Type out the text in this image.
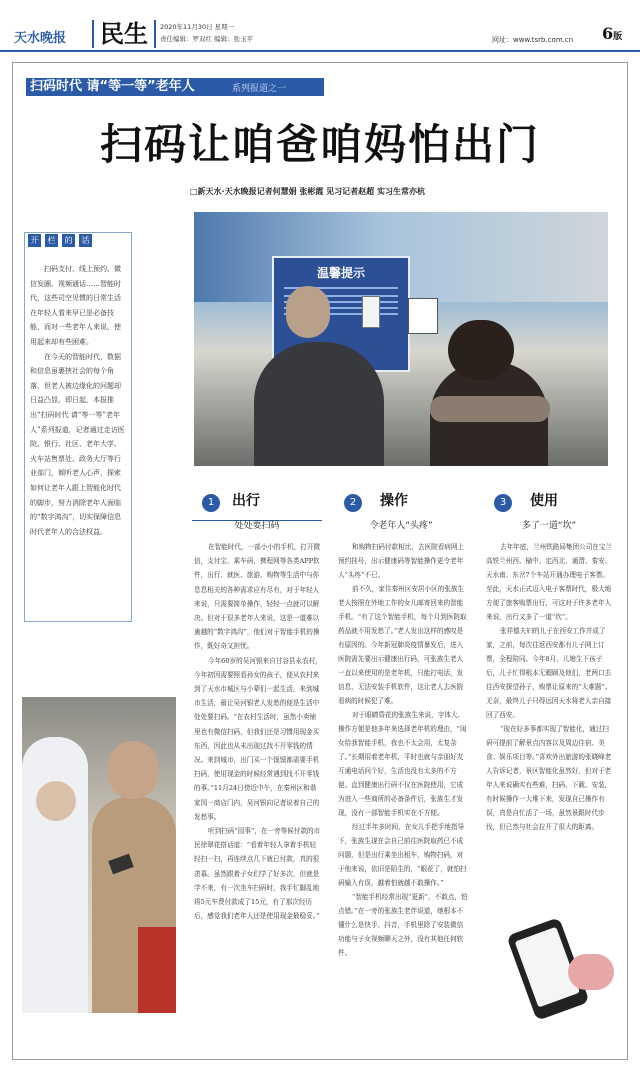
天水晚报	民生	2020年11月30日 星期一
责任编辑：罗双红 编辑：张玉平	网址：www.tsrb.com.cn 6版
扫码时代 请“等一等”老年人	系列报道之一
扫码让咱爸咱妈怕出门
□新天水·天水晚报记者何慧娟 张彬霞 见习记者赵超 实习生常亦杭
温馨提示
开 栏 的 话

扫码支付、线上预约、微信发圈、视频通话……智能时代，这些司空见惯的日常生活在年轻人看来早已是必备技能，而对一些老年人来说，使用起来却有些困难。

在今天的智能时代，数据和信息虽裹挟社会的每个角落，但老人被边缘化的问题却日益凸显。即日起，本报推出“扫码时代 请“等一等”老年人”系列报道，记者通过走访医院、银行、社区、老年大学、火车站售票处、政务大厅等行业部门，倾听老人心声，探索如何让老年人跟上智能化时代的脚步，努力消除老年人面临的“数字鸿沟”，切实保障信息时代老年人的合法权益。

1	出行
处处要扫码

在智能时代，一部小小的手机，打开微信，支付宝、乘车码，携程网等各类APP软件，出行、就医、旅游、购物等生活中与你息息相关的各种需求应有尽有，对于年轻人来说，只需要简单操作，轻轻一点就可以解决。但对于很多老年人来说，这是一道难以逾越的“数字鸿沟”，他们对于智能手机的操作，既好奇又担忧。

今年60岁的吴河银来自甘谷县永农村，今年初因需要照看孙女的孩子，便从农村来到了天水市城区与小辈们一起生活，来到城市生活，最让吴河银老人发愁的便是生活中处处要扫码。“在农村生活时，虽然小卖铺里也有微信扫码，但我们还是习惯用现金买东西，因此也从未出现过找不开零钱的情况。来到城市，出门买一个馍馍都需要手机扫码，使用现金的时候经常遇到找不开零钱的事。”11月24日傍近中午，在秦州区和谐家园一商店门内，吴河银向记者说着自己的发愁事。

听到扫码“囧事”，在一旁等候付款的市民徐翠花搭话道：“看着年轻人拿着手机轻轻扫一扫，再连续点几下就已付款，真的很羡慕。虽然跟着子女们学了好多次，但就是学不来，有一次坐车扫码时，我手忙脚乱地将5元车费付款成了15元，有了那次经历后，感觉我们老年人还是使用现金最稳妥。”

2	操作
令老年人“头疼”

和购物扫码付款相比，去医院看病网上预约挂号，出示健康码等智能操作更令老年人“头疼”不已。

前不久，家住秦州区安居小区的张族生老人按照在外地工作的女儿邮寄回来的智能手机。“有了这个智能手机，每个月到医院取药品就不用发愁了。”老人发出这样的感叹是有原因的。今年新冠肺炎疫情暴发后，进入医院需先要出示健康出行码，可张族生老人一直以来使用的是老年机，只能打电话，发信息，无法安装手机软件，这让老人去医院看病的时候犯了难。

对于眼睛昏花的张族生来说，字体大、操作方便是他多年来选择老年机的理由，“闺女给我智能手机，我也不太会用，太复杂了。”长期用着老年机，平时也就与亲朋好友互通电话问个好，生活也没有太多的不方便。直到健康出行码不仅在医院使用，它成为进入一些商所的必备条件后，张族生才发现，没有一部智能手机实在不方便。

经过半年多时间，在女儿手把手地指导下，张族生现在会自己前往医院取药已不成问题，但是出行乘坐出租车，购物扫码，对于他来说，依旧是陌生的，“眼花了，就怕扫码输入有误，越着怕就越不敢操作。”

“智能手机经常出现“更新”，不敢点，怕点错。”在一旁的张族生老伴说道，她根本不懂什么是快手、抖音，手机里除了安装微信功能与子女视频聊天之外，没有其他任何软件。

3	使用
多了一道“坎”

去年年底，兰州铁路局集团公司在宝兰高铁兰州西、榆中、定西北、通渭、秦安、天水南、东岔7个车站开通办理电子客票。至此，天水正式迈入电子客票时代，极大地方便了旅客购票出行，可这对于许多老年人来说，出行又多了一道“坎”。

张祥德夫妇的儿子在西安工作并成了家，之前，每次往返西安都有儿子网上订票，全程陪同。今年8月，儿媳生下孩子后，儿子忙得根本无暇顾及他们，老两口去往西安探望孙子，购票让原来的“大难题”。无奈，最终儿子只得远因天水将老人亲自接回了西安。

“现在好多事都实现了智能化，通过扫码可提前了解景点内容以及周边住宿、美食、娱乐项目等。”喜欢外出旅游的张晓峰老人告诉记者，景区智能化虽然好，但对于老年人来说确实有些难，扫码、下载、安装，有时候操作一大堆下来，发现自己操作有误，真是自忙活了一场，虽然景跟时代步伐，但已然与社会拉开了很大的距离。
